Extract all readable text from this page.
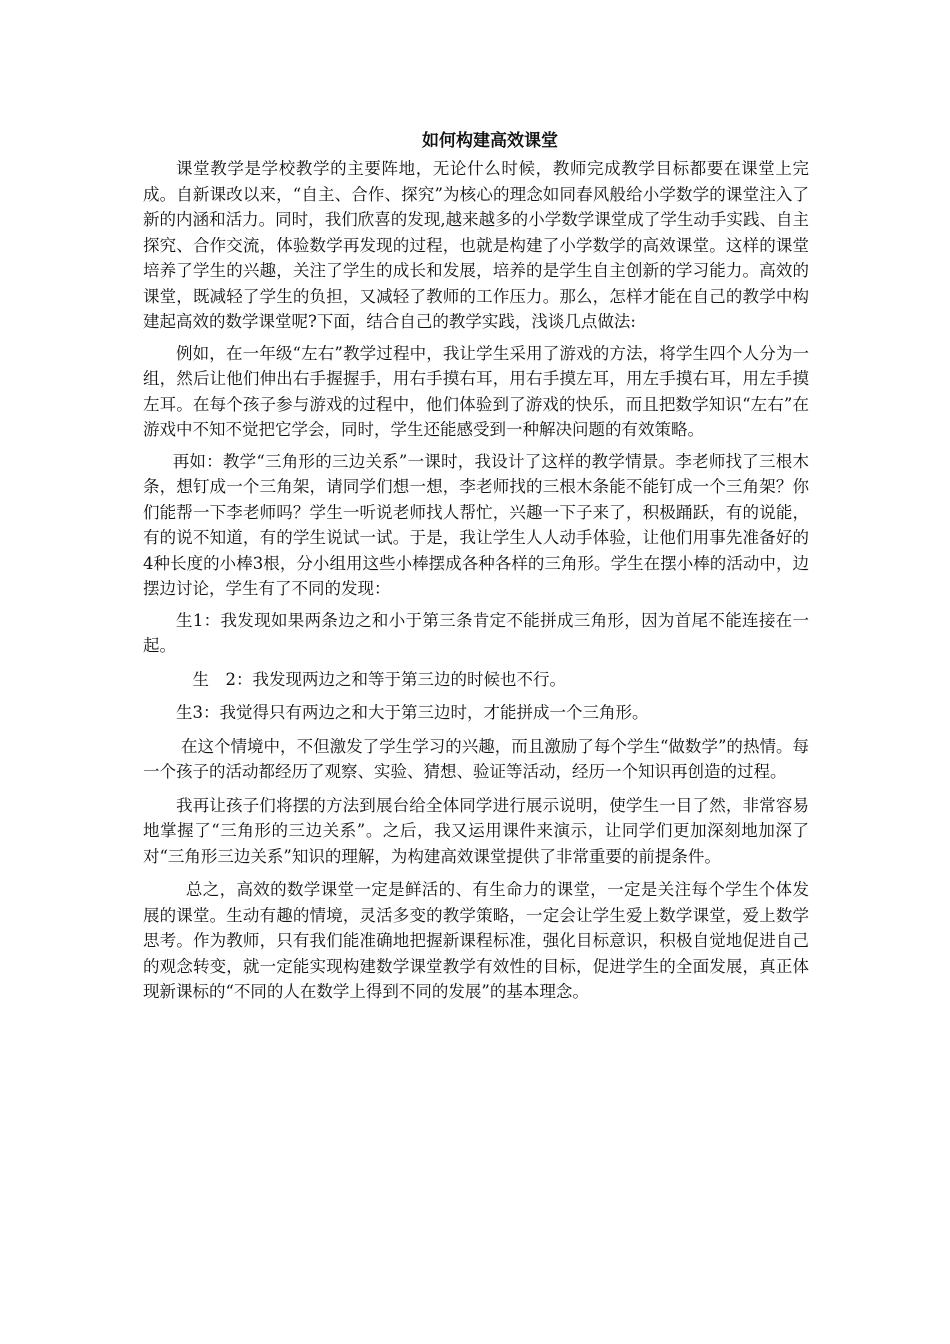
如何构建高效课堂

课堂教学是学校教学的主要阵地，无论什么时候，教师完成教学目标都要在课堂上完成。自新课改以来，“自主、合作、探究”为核心的理念如同春风般给小学数学的课堂注入了新的内涵和活力。同时，我们欣喜的发现,越来越多的小学数学课堂成了学生动手实践、自主探究、合作交流，体验数学再发现的过程，也就是构建了小学数学的高效课堂。这样的课堂培养了学生的兴趣，关注了学生的成长和发展，培养的是学生自主创新的学习能力。高效的课堂，既减轻了学生的负担，又减轻了教师的工作压力。那么，怎样才能在自己的教学中构建起高效的数学课堂呢?下面，结合自己的教学实践，浅谈几点做法:

例如，在一年级“左右”教学过程中，我让学生采用了游戏的方法，将学生四个人分为一组，然后让他们伸出右手握握手，用右手摸右耳，用右手摸左耳，用左手摸右耳，用左手摸左耳。在每个孩子参与游戏的过程中，他们体验到了游戏的快乐，而且把数学知识“左右”在游戏中不知不觉把它学会，同时，学生还能感受到一种解决问题的有效策略。

再如：教学“三角形的三边关系”一课时，我设计了这样的教学情景。李老师找了三根木条，想钉成一个三角架，请同学们想一想，李老师找的三根木条能不能钉成一个三角架？你们能帮一下李老师吗？学生一听说老师找人帮忙，兴趣一下子来了，积极踊跃，有的说能，有的说不知道，有的学生说试一试。于是，我让学生人人动手体验，让他们用事先准备好的4种长度的小棒3根，分小组用这些小棒摆成各种各样的三角形。学生在摆小棒的活动中，边摆边讨论，学生有了不同的发现：

生1：我发现如果两条边之和小于第三条肯定不能拼成三角形，因为首尾不能连接在一起。

生　2：我发现两边之和等于第三边的时候也不行。

生3：我觉得只有两边之和大于第三边时，才能拼成一个三角形。

在这个情境中，不但激发了学生学习的兴趣，而且激励了每个学生“做数学”的热情。每一个孩子的活动都经历了观察、实验、猜想、验证等活动，经历一个知识再创造的过程。

我再让孩子们将摆的方法到展台给全体同学进行展示说明，使学生一目了然，非常容易地掌握了“三角形的三边关系”。之后，我又运用课件来演示，让同学们更加深刻地加深了对“三角形三边关系”知识的理解，为构建高效课堂提供了非常重要的前提条件。

总之，高效的数学课堂一定是鲜活的、有生命力的课堂，一定是关注每个学生个体发展的课堂。生动有趣的情境，灵活多变的教学策略，一定会让学生爱上数学课堂，爱上数学思考。作为教师，只有我们能准确地把握新课程标准，强化目标意识，积极自觉地促进自己的观念转变，就一定能实现构建数学课堂教学有效性的目标，促进学生的全面发展，真正体现新课标的“不同的人在数学上得到不同的发展”的基本理念。
